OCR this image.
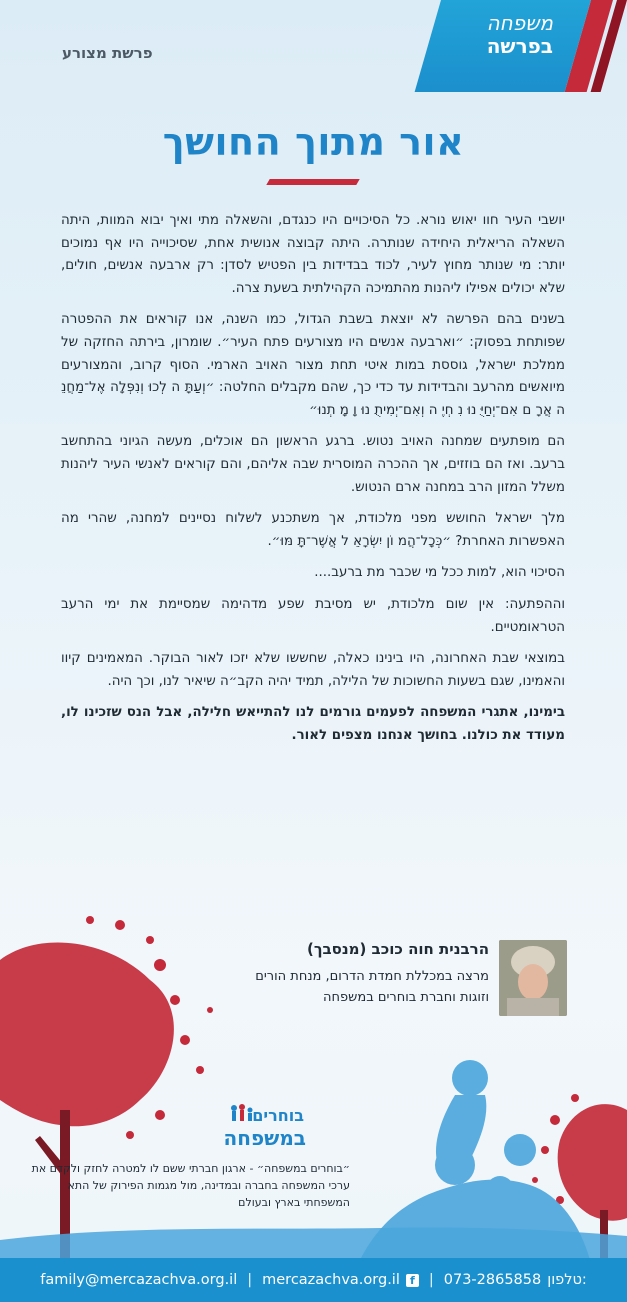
משפחה
בפרשה
פרשת מצורע
אור מתוך החושך

יושבי העיר חוו יאוש נורא. כל הסיכויים היו כנגדם, והשאלה מתי ואיך יבוא המוות, היתה השאלה הריאלית היחידה שנותרה. היתה קבוצה אנושית אחת, שסיכוייה היו אף נמוכים יותר: מי שנותר מחוץ לעיר, לכוד בבדידות בין הפטיש לסדן: רק ארבעה אנשים, חולים, שלא יכולים אפילו ליהנות מהתמיכה הקהילתית בשעת צרה.

בשנים בהם הפרשה לא יוצאת בשבת הגדול, כמו השנה, אנו קוראים את ההפטרה שפותחת בפסוק: ״וארבעה אנשים היו מצורעים פתח העיר״. שומרון, בירתה החזקה של ממלכת ישראל, גוססת במות איטי תחת מצור האויב הארמי. הסוף קרוב, והמצורעים מיואשים מהרעב והבדידות עד כדי כך, שהם מקבלים החלטה: ״וְעַתָּ ה לְכוּ וְנִפְּלָה אֶל־מַחֲנֵ ה אֲרָ ם אִם־יְחַיֻּ נוּ נִ חְיֶ ה וְאִם־יְמִיתֻ נוּ וָ מָ תְנוּ״

הם מופתעים שמחנה האויב נטוש. ברגע הראשון הם אוכלים, מעשה הגיוני בהתחשב ברעב. ואז הם בוזזים, אך ההכרה המוסרית שבה אליהם, והם קוראים לאנשי העיר ליהנות משלל המזון הרב במחנה ארם הנטוש.

מלך ישראל החושש מפני מלכודת, אך משתכנע לשלוח נסיינים למחנה, שהרי מה האפשרות האחרת? ״כְּכָל־הֲמ וֹן יִשְׂרָאֵ ל אֲשֶׁר־תָּ מּוּ״.

הסיכוי הוא, למות ככל מי שכבר מת ברעב....

וההפתעה: אין שום מלכודת, יש מסיבת שפע מדהימה שמסיימת את ימי הרעב הטראומטיים.

במוצאי שבת האחרונה, היו בינינו כאלה, שחששו שלא יזכו לאור הבוקר. המאמינים קיוו והאמינו, שגם בשעות החשוכות של הלילה, תמיד יהיה הקב״ה שיאיר לנו, וכך היה.

בימינו, אתגרי המשפחה לפעמים גורמים לנו להתייאש חלילה, אבל הנס שזכינו לו, מעודד את כולנו. בחושך אנחנו מצפים לאור.

הרבנית חוה כוכב (מנסבך)
מרצה במכללת חמדת הדרום, מנחת הורים וזוגות וחברת בוחרים במשפחה
בוחרים
במשפחה
״בוחרים במשפחה״ - ארגון חברתי ששם לו למטרה לחזק ולקדם את ערכי המשפחה בחברה ובמדינה, מול מגמות הפירוק של התא המשפחתי בארץ ובעולם
family@mercazachva.org.il | mercazachva.org.il f | 073-2865858 טלפון:
